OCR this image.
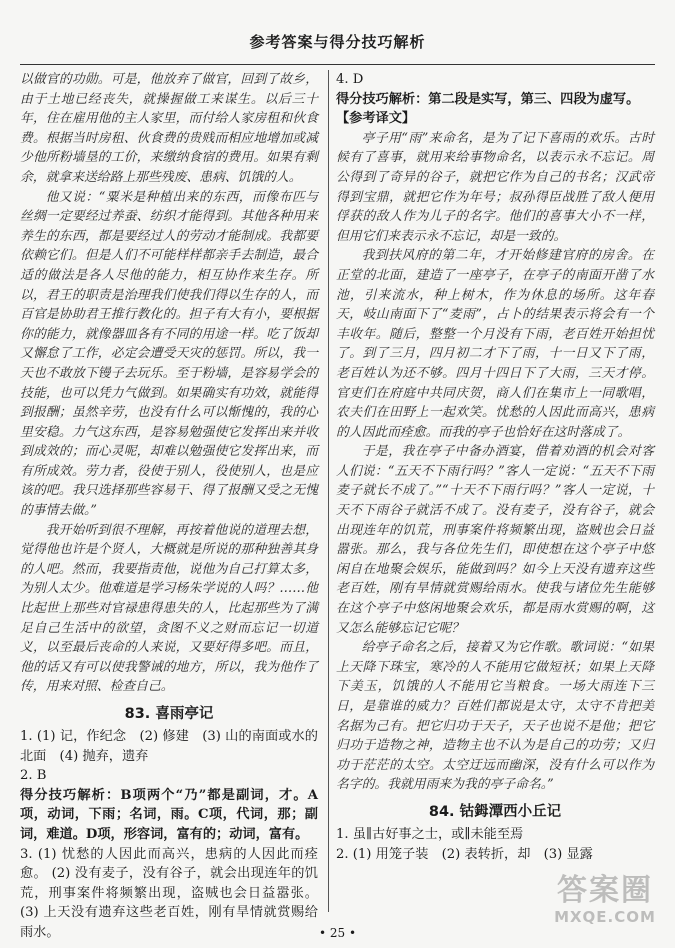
参考答案与得分技巧解析

以做官的功勋。可是，他放弃了做官，回到了故乡，由于土地已经丧失，就操握做工来谋生。以后三十年，住在雇用他的主人家里，而付给人家房租和伙食费。根据当时房租、伙食费的贵贱而相应地增加或减少他所粉墙垦的工价，来缴纳食宿的费用。如果有剩余，就拿来送给路上那些残废、患病、饥饿的人。

他又说：“粟米是种植出来的东西，而像布匹与丝绸一定要经过养蚕、纺织才能得到。其他各种用来养生的东西，都是要经过人的劳动才能制成。我都要依赖它们。但是人们不可能样样都亲手去制造，最合适的做法是各人尽他的能力，相互协作来生存。所以，君王的职责是治理我们使我们得以生存的人，而百官是协助君王推行教化的。担子有大有小，要根据你的能力，就像器皿各有不同的用途一样。吃了饭却又懈怠了工作，必定会遭受天灾的惩罚。所以，我一天也不敢放下镘子去玩乐。至于粉墙，是容易学会的技能，也可以凭力气做到。如果确实有功效，就能得到报酬；虽然辛劳，也没有什么可以惭愧的，我的心里安稳。力气这东西，是容易勉强使它发挥出来并收到成效的；而心灵呢，却难以勉强使它发挥出来，而有所成效。劳力者，役使于别人，役使别人，也是应该的吧。我只选择那些容易干、得了报酬又受之无愧的事情去做。”

我开始听到很不理解，再按着他说的道理去想，觉得他也许是个贤人，大概就是所说的那种独善其身的人吧。然而，我要指责他，说他为自己打算太多，为别人太少。他难道是学习杨朱学说的人吗？……他比起世上那些对官禄患得患失的人，比起那些为了满足自己生活中的欲望，贪图不义之财而忘记一切道义，以至最后丧命的人来说，又要好得多吧。而且，他的话又有可以使我警诫的地方，所以，我为他作了传，用来对照、检查自己。

83. 喜雨亭记

1. (1) 记，作纪念　(2) 修建　(3) 山的南面或水的北面　(4) 抛弃，遗弃

2. B

得分技巧解析：B项两个“乃”都是副词，才。A项，动词，下雨；名词，雨。C项，代词，那；副词，难道。D项，形容词，富有的；动词，富有。

3. (1) 忧愁的人因此而高兴，患病的人因此而痊愈。 (2) 没有麦子，没有谷子，就会出现连年的饥荒，刑事案件将频繁出现，盗贼也会日益嚣张。 (3) 上天没有遗弃这些老百姓，刚有旱情就赏赐给雨水。

4. D

得分技巧解析：第二段是实写，第三、四段为虚写。

【参考译文】

亭子用“雨”来命名，是为了记下喜雨的欢乐。古时候有了喜事，就用来给事物命名，以表示永不忘记。周公得到了奇异的谷子，就把它作为自己的书名；汉武帝得到宝鼎，就把它作为年号；叔孙得臣战胜了敌人便用俘获的敌人作为儿子的名字。他们的喜事大小不一样，但用它们来表示永不忘记，却是一致的。

我到扶风府的第二年，才开始修建官府的房舍。在正堂的北面，建造了一座亭子，在亭子的南面开凿了水池，引来流水，种上树木，作为休息的场所。这年春天，岐山南面下了“麦雨”，占卜的结果表示将会有一个丰收年。随后，整整一个月没有下雨，老百姓开始担忧了。到了三月，四月初二才下了雨，十一日又下了雨，老百姓认为还不够。四月十四日下了大雨，三天才停。官吏们在府庭中共同庆贺，商人们在集市上一同歌唱，农夫们在田野上一起欢笑。忧愁的人因此而高兴，患病的人因此而痊愈。而我的亭子也恰好在这时落成了。

于是，我在亭子中备办酒宴，借着劝酒的机会对客人们说：“五天不下雨行吗？”客人一定说：“五天不下雨麦子就长不成了。”“十天不下雨行吗？”客人一定说，十天不下雨谷子就活不成了。没有麦子，没有谷子，就会出现连年的饥荒，刑事案件将频繁出现，盗贼也会日益嚣张。那么，我与各位先生们，即使想在这个亭子中悠闲自在地聚会娱乐，能做到吗？如今上天没有遗弃这些老百姓，刚有旱情就赏赐给雨水。使我与诸位先生能够在这个亭子中悠闲地聚会欢乐，都是雨水赏赐的啊，这又怎么能够忘记它呢？

给亭子命名之后，接着又为它作歌。歌词说：“如果上天降下珠宝，寒冷的人不能用它做短袄；如果上天降下美玉，饥饿的人不能用它当粮食。一场大雨连下三日，是靠谁的威力？百姓们都说是太守，太守不肯把美名据为己有。把它归功于天子，天子也说不是他；把它归功于造物之神，造物主也不认为是自己的功劳；又归功于茫茫的太空。太空迂远而幽深，没有什么可以作为名字的。我就用雨来为我的亭子命名。”

84. 钴鉧潭西小丘记

1. 虽∥古好事之士，或∥未能至焉

2. (1) 用笼子装　(2) 表转折，却　(3) 显露

• 25 •
答案圈
MXQE.COM
